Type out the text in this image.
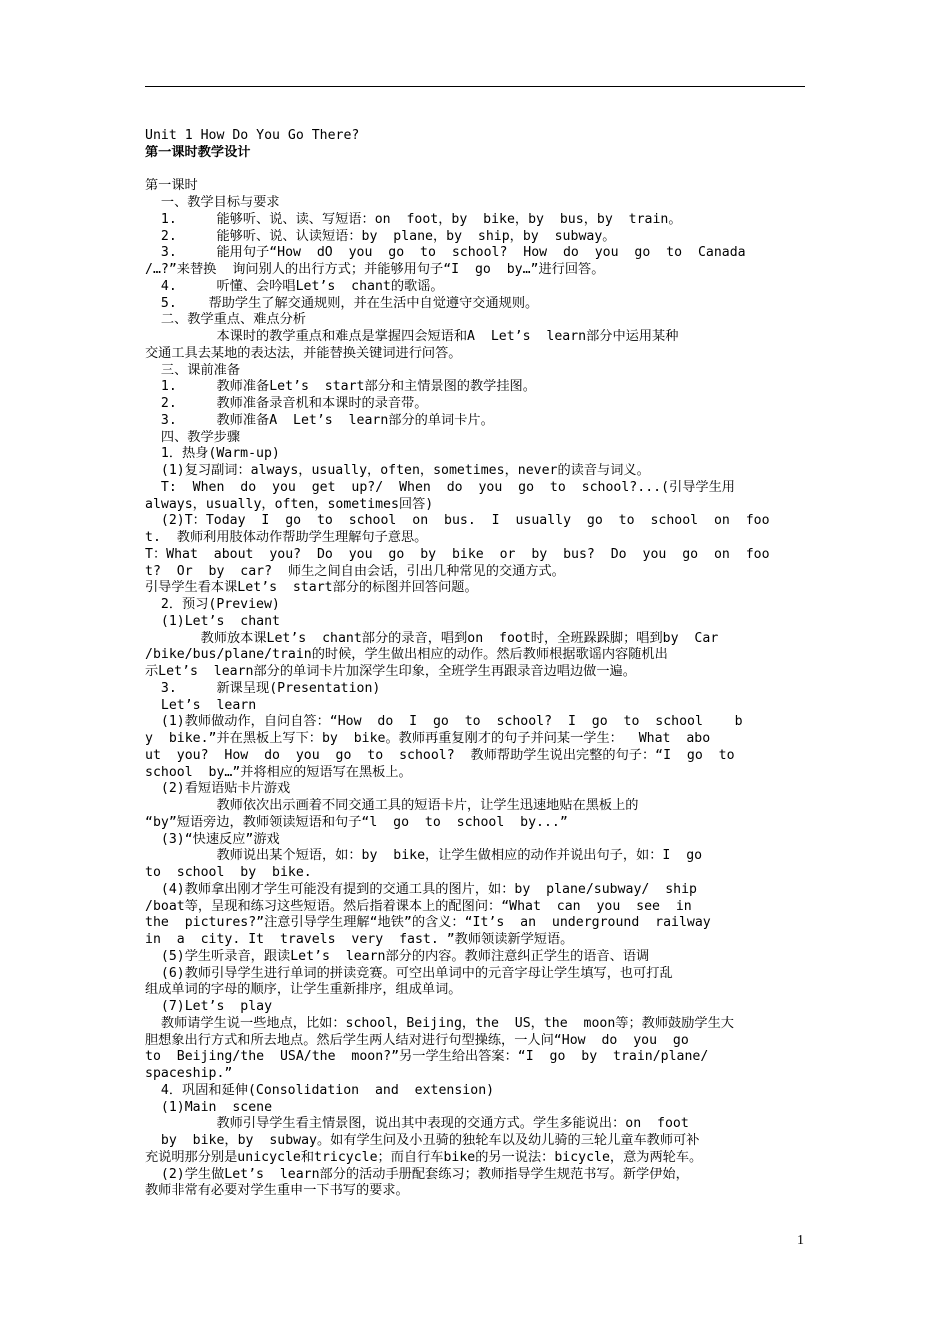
Unit 1 How Do You Go There?
第一课时教学设计
第一课时
一、教学目标与要求
1.     能够听、说、读、写短语：on  foot，by  bike，by  bus，by  train。
2.     能够听、说、认读短语：by  plane，by  ship，by  subway。
3.     能用句子“How  dO  you  go  to  school?  How  do  you  go  to  Canada
/…?”来替换  询问别人的出行方式；并能够用句子“I  go  by…”进行回答。
4.     听懂、会吟唱Let’s  chant的歌谣。
5.    帮助学生了解交通规则，并在生活中自觉遵守交通规则。
二、教学重点、难点分析
本课时的教学重点和难点是掌握四会短语和A  Let’s  learn部分中运用某种
交通工具去某地的表达法，并能替换关键词进行问答。
三、课前准备
1.     教师准备Let’s  start部分和主情景图的教学挂图。
2.     教师准备录音机和本课时的录音带。
3.     教师准备A  Let’s  learn部分的单词卡片。
四、教学步骤
1．热身(Warm-up)
(1)复习副词：always，usually，often，sometimes，never的读音与词义。
T:  When  do  you  get  up?/  When  do  you  go  to  school?...(引导学生用
always，usually，often，sometimes回答)
(2)T：Today  I  go  to  school  on  bus.  I  usually  go  to  school  on  foo
t.  教师利用肢体动作帮助学生理解句子意思。
T：What  about  you?  Do  you  go  by  bike  or  by  bus?  Do  you  go  on  foo
t?  Or  by  car?  师生之间自由会话，引出几种常见的交通方式。
引导学生看本课Let’s  start部分的标图并回答问题。
2．预习(Preview)
(1)Let’s  chant
教师放本课Let’s  chant部分的录音，唱到on  foot时，全班跺跺脚；唱到by  Car
/bike/bus/plane/train的时候，学生做出相应的动作。然后教师根据歌谣内容随机出
示Let’s  learn部分的单词卡片加深学生印象，全班学生再跟录音边唱边做一遍。
3.     新课呈现(Presentation)
Let’s  learn
(1)教师做动作，自问自答：“How  do  I  go  to  school?  I  go  to  school    b
y  bike.”并在黑板上写下：by  bike。教师再重复刚才的句子并问某一学生：  What  abo
ut  you?  How  do  you  go  to  school?  教师帮助学生说出完整的句子：“I  go  to
school  by…”并将相应的短语写在黑板上。
(2)看短语贴卡片游戏
教师依次出示画着不同交通工具的短语卡片，让学生迅速地贴在黑板上的
“by”短语旁边，教师领读短语和句子“l  go  to  school  by...”
(3)“快速反应”游戏
教师说出某个短语，如：by  bike，让学生做相应的动作并说出句子，如：I  go
to  school  by  bike.
(4)教师拿出刚才学生可能没有提到的交通工具的图片，如：by  plane/subway/  ship
/boat等，呈现和练习这些短语。然后指着课本上的配图问：“What  can  you  see  in
the  pictures?”注意引导学生理解“地铁”的含义：“It’s  an  underground  railway
in  a  city. It  travels  very  fast. ”教师领读新学短语。
(5)学生听录音，跟读Let’s  learn部分的内容。教师注意纠正学生的语音、语调
(6)教师引导学生进行单词的拼读竞赛。可空出单词中的元音字母让学生填写，也可打乱
组成单词的字母的顺序，让学生重新排序，组成单词。
(7)Let’s  play
教师请学生说一些地点，比如：school，Beijing，the  US，the  moon等；教师鼓励学生大
胆想象出行方式和所去地点。然后学生两人结对进行句型操练，一人问“How  do  you  go
to  Beijing/the  USA/the  moon?”另一学生给出答案：“I  go  by  train/plane/
spaceship.”
4．巩固和延伸(Consolidation  and  extension)
(1)Main  scene
教师引导学生看主情景图，说出其中表现的交通方式。学生多能说出：on  foot
by  bike，by  subway。如有学生问及小丑骑的独轮车以及幼儿骑的三轮儿童车教师可补
充说明那分别是unicycle和tricycle；而自行车bike的另一说法：bicycle，意为两轮车。
(2)学生做Let’s  learn部分的活动手册配套练习；教师指导学生规范书写。新学伊始，
教师非常有必要对学生重申一下书写的要求。
1
